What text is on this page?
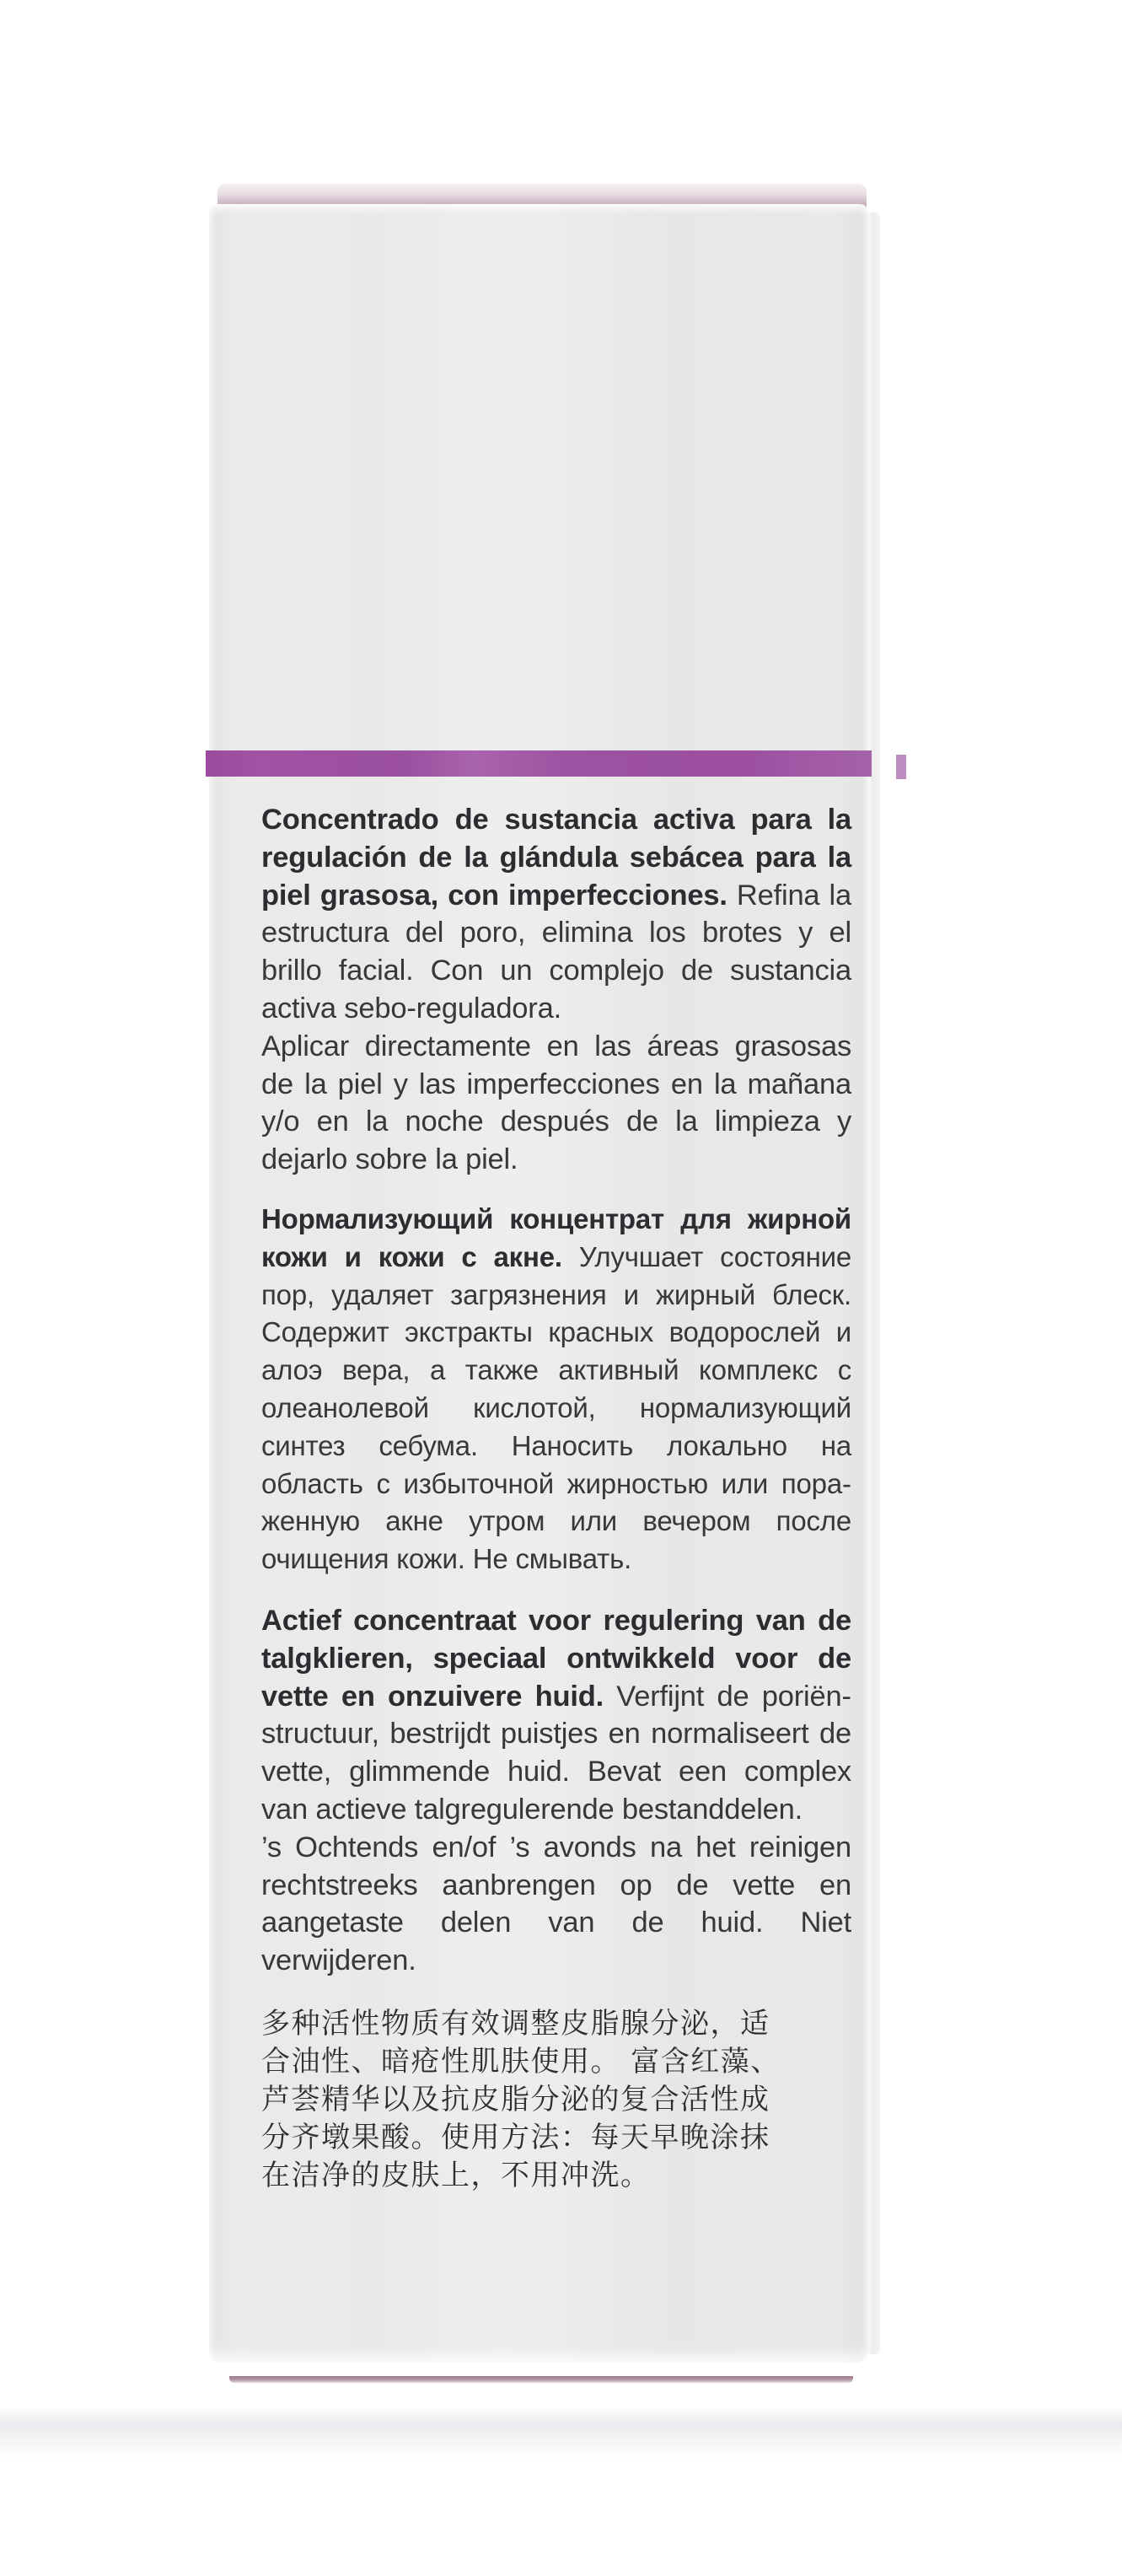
Concentrado de sustancia activa para la regulación de la glándula sebácea para la piel grasosa, con imperfecciones. Refina la estructura del poro, elimina los brotes y el brillo facial. Con un complejo de sustancia activa sebo-reguladora.
Aplicar directamente en las áreas grasosas de la piel y las imperfecciones en la mañana y/o en la noche después de la limpieza y dejarlo sobre la piel.

Нормализующий концентрат для жирной кожи и кожи с акне. Улучшает состояние пор, удаляет загрязнения и жирный блеск. Содержит экстракты красных водорослей и алоэ вера, а также активный комплекс с олеанолевой кислотой, нормализующий синтез себума. Наносить локально на область с избыточной жирностью или пораженную акне утром или вечером после очищения кожи. Не смывать.

Actief concentraat voor regulering van de talgklieren, speciaal ontwikkeld voor de vette en onzuivere huid. Verfijnt de poriënstructuur, bestrijdt puistjes en normaliseert de vette, glimmende huid. Bevat een complex van actieve talgregulerende bestanddelen.
’s Ochtends en/of ’s avonds na het reinigen rechtstreeks aanbrengen op de vette en aangetaste delen van de huid. Niet verwijderen.

多种活性物质有效调整皮脂腺分泌，适
合油性、暗疮性肌肤使用。 富含红藻、
芦荟精华以及抗皮脂分泌的复合活性成
分齐墩果酸。使用方法：每天早晚涂抹
在洁净的皮肤上，不用冲洗。
